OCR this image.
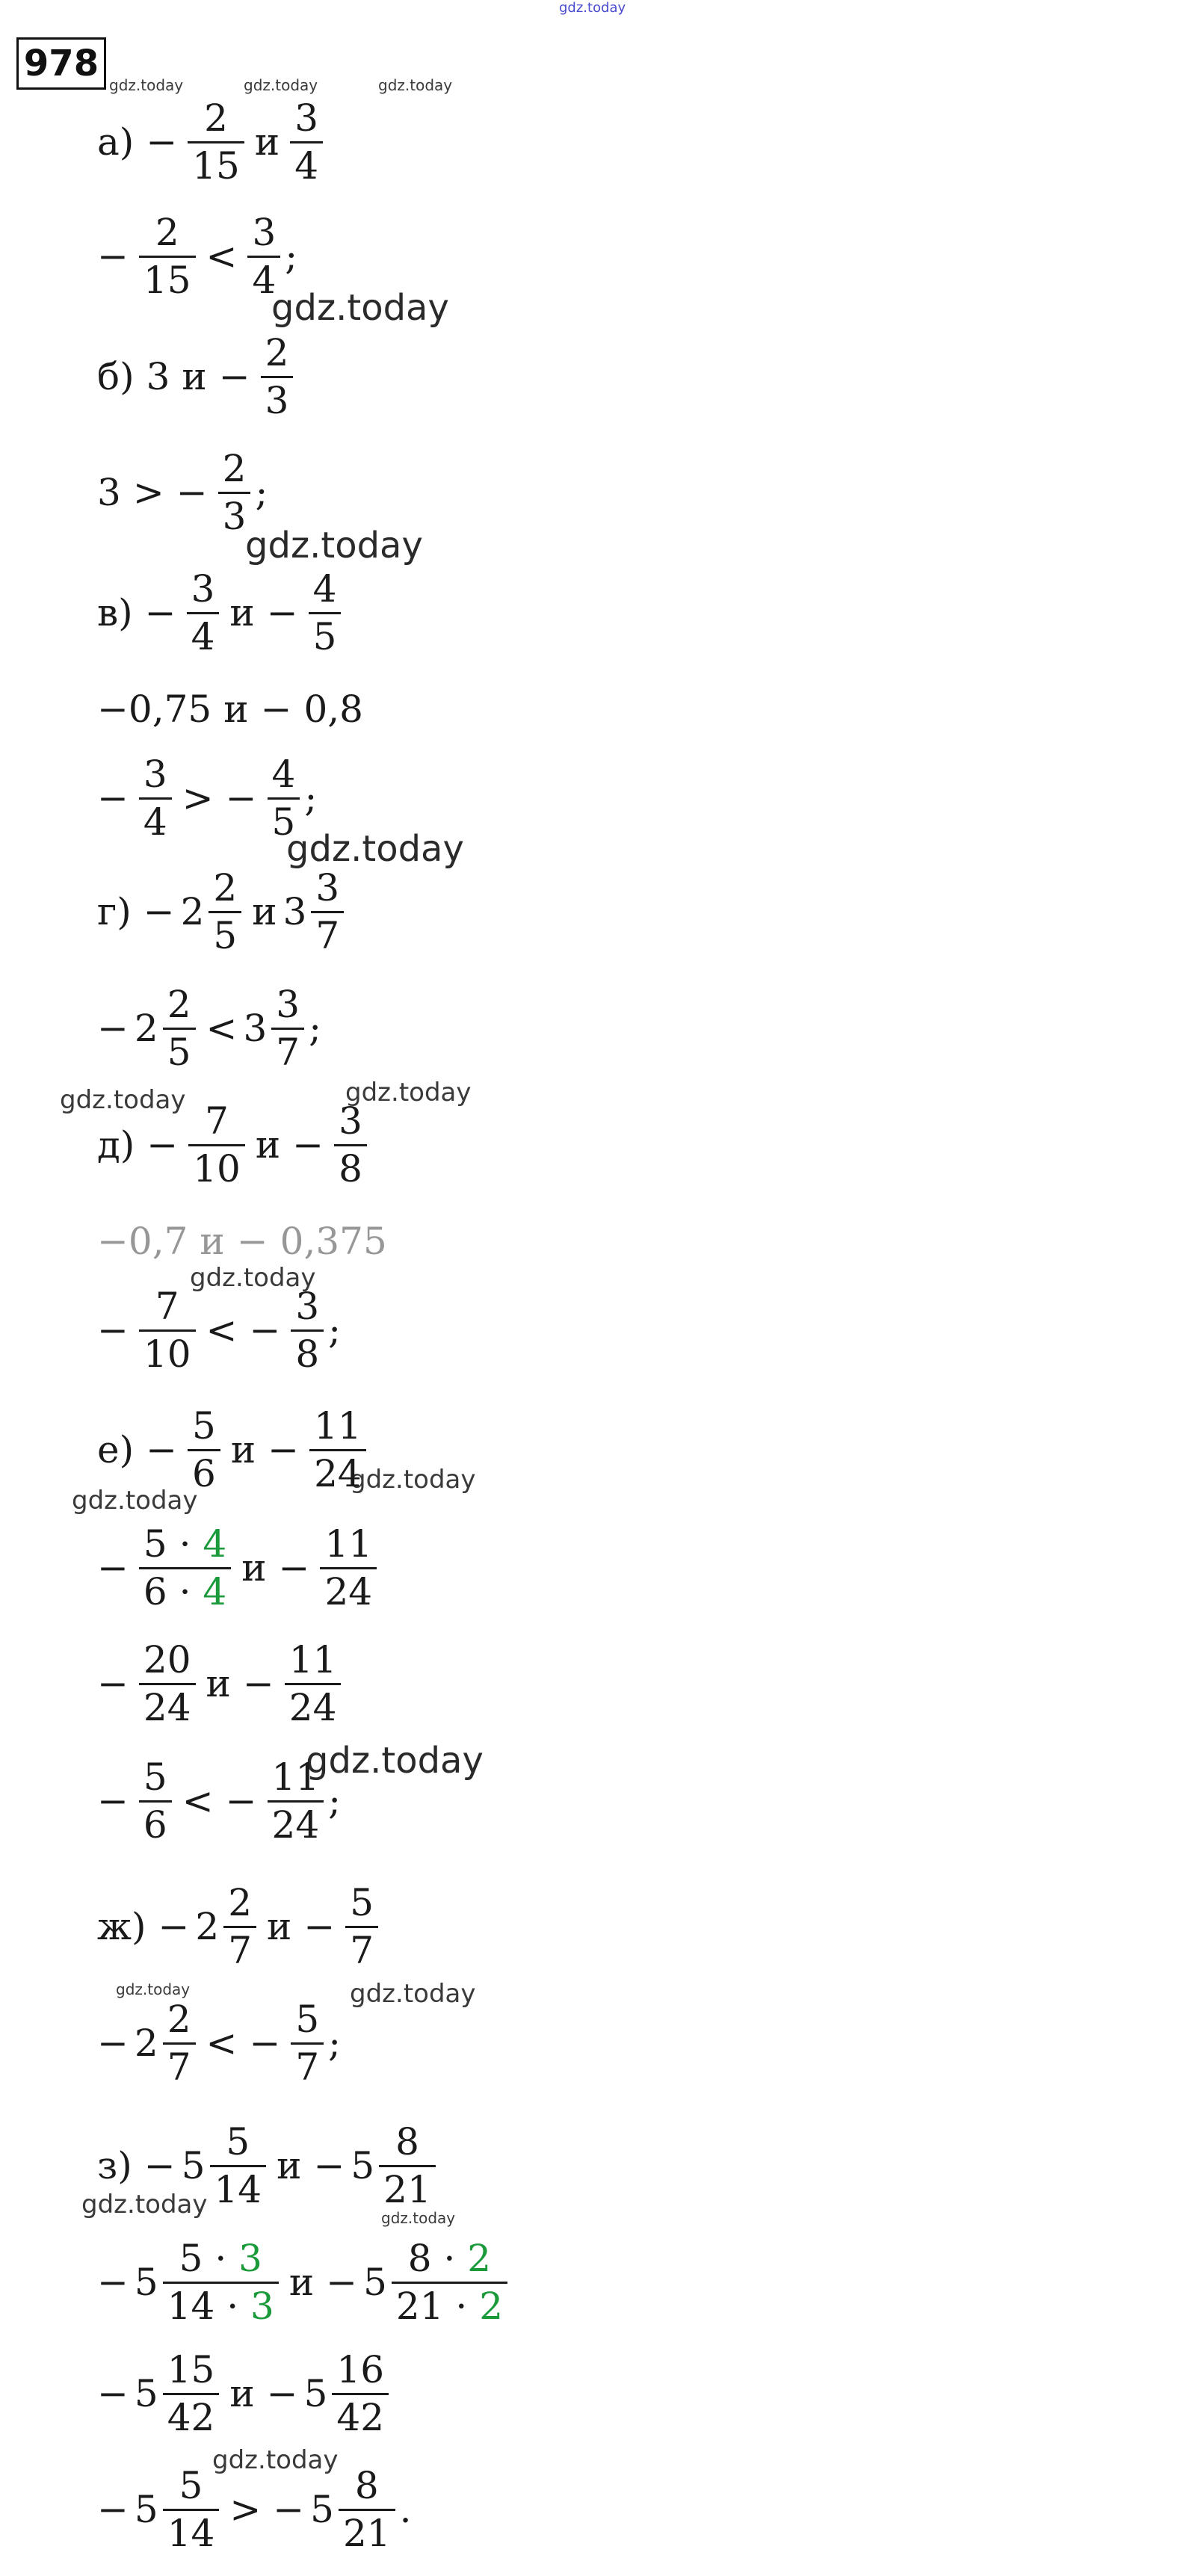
gdz.today
gdz.today	gdz.today	gdz.today
gdz.today
gdz.today
gdz.today
gdz.today	gdz.today
gdz.today
gdz.today
gdz.today
gdz.today
gdz.today	gdz.today
gdz.today	gdz.today
gdz.today
978
$а) - \frac{2}{15}$ и $\frac{3}{4}$
− $\frac{2}{15} < \frac{3}{4}$ ;
б) 3 $и - \frac{2}{3}$
3 > − $\frac{2}{3}$ ;
$в) - \frac{3}{4}$ $и - \frac{4}{5}$
−0,75 и − 0,8
− $\frac{3}{4}$ > − $\frac{4}{5}$ ;
$г) - 2 \frac{2}{5}$ и $3 \frac{3}{7}$
− $2 \frac{2}{5} < 3 \frac{3}{7}$ ;
$д) - \frac{7}{10}$ $и - \frac{3}{8}$
−0,7 и − 0,375
− $\frac{7}{10}$ < − $\frac{3}{8}$ ;
$е) - \frac{5}{6}$ $и - \frac{11}{24}$
− $\frac{5 \cdot 4}{6 \cdot 4}$ $и - \frac{11}{24}$
− $\frac{20}{24}$ $и - \frac{11}{24}$
− $\frac{5}{6}$ < − $\frac{11}{24}$ ;
$ж) - 2 \frac{2}{7}$ $и - \frac{5}{7}$
− $2 \frac{2}{7}$ < − $\frac{5}{7}$ ;
$з) - 5 \frac{5}{14}$ $и - 5 \frac{8}{21}$
− $5 \frac{5 \cdot 3}{14 \cdot 3}$ $и - 5 \frac{8 \cdot 2}{21 \cdot 2}$
− $5 \frac{15}{42}$ $и - 5 \frac{16}{42}$
− $5 \frac{5}{14}$ > − $5 \frac{8}{21}$ .
